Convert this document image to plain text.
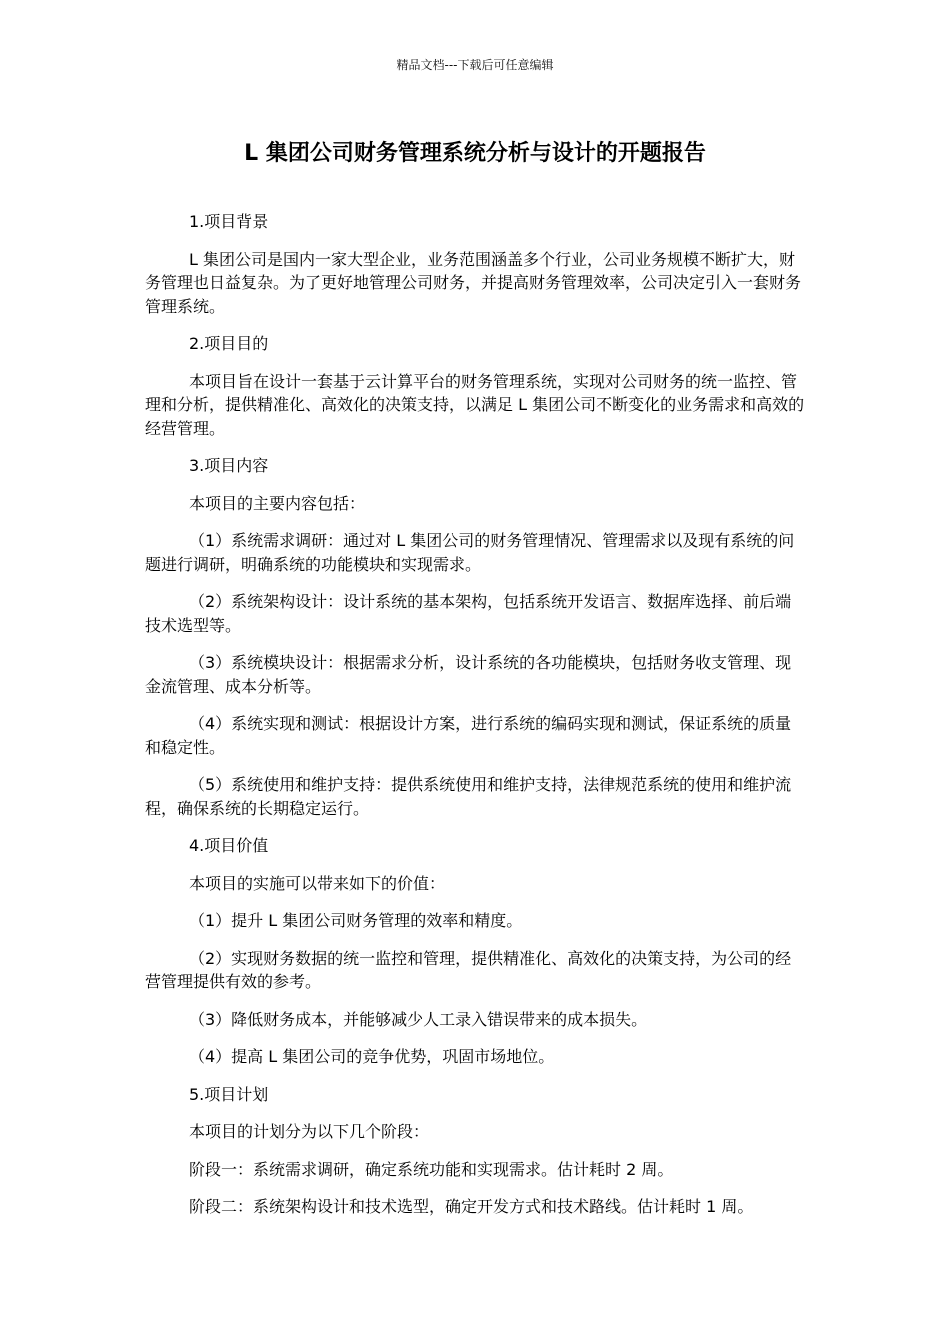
精品文档---下载后可任意编辑
L 集团公司财务管理系统分析与设计的开题报告

1.项目背景

L 集团公司是国内一家大型企业，业务范围涵盖多个行业，公司业务规模不断扩大，财务管理也日益复杂。为了更好地管理公司财务，并提高财务管理效率，公司决定引入一套财务管理系统。

2.项目目的

本项目旨在设计一套基于云计算平台的财务管理系统，实现对公司财务的统一监控、管理和分析，提供精准化、高效化的决策支持，以满足 L 集团公司不断变化的业务需求和高效的经营管理。

3.项目内容

本项目的主要内容包括：

（1）系统需求调研：通过对 L 集团公司的财务管理情况、管理需求以及现有系统的问题进行调研，明确系统的功能模块和实现需求。

（2）系统架构设计：设计系统的基本架构，包括系统开发语言、数据库选择、前后端技术选型等。

（3）系统模块设计：根据需求分析，设计系统的各功能模块，包括财务收支管理、现金流管理、成本分析等。

（4）系统实现和测试：根据设计方案，进行系统的编码实现和测试，保证系统的质量和稳定性。

（5）系统使用和维护支持：提供系统使用和维护支持，法律规范系统的使用和维护流程，确保系统的长期稳定运行。

4.项目价值

本项目的实施可以带来如下的价值：

（1）提升 L 集团公司财务管理的效率和精度。

（2）实现财务数据的统一监控和管理，提供精准化、高效化的决策支持，为公司的经营管理提供有效的参考。

（3）降低财务成本，并能够减少人工录入错误带来的成本损失。

（4）提高 L 集团公司的竞争优势，巩固市场地位。

5.项目计划

本项目的计划分为以下几个阶段：

阶段一：系统需求调研，确定系统功能和实现需求。估计耗时 2 周。

阶段二：系统架构设计和技术选型，确定开发方式和技术路线。估计耗时 1 周。
